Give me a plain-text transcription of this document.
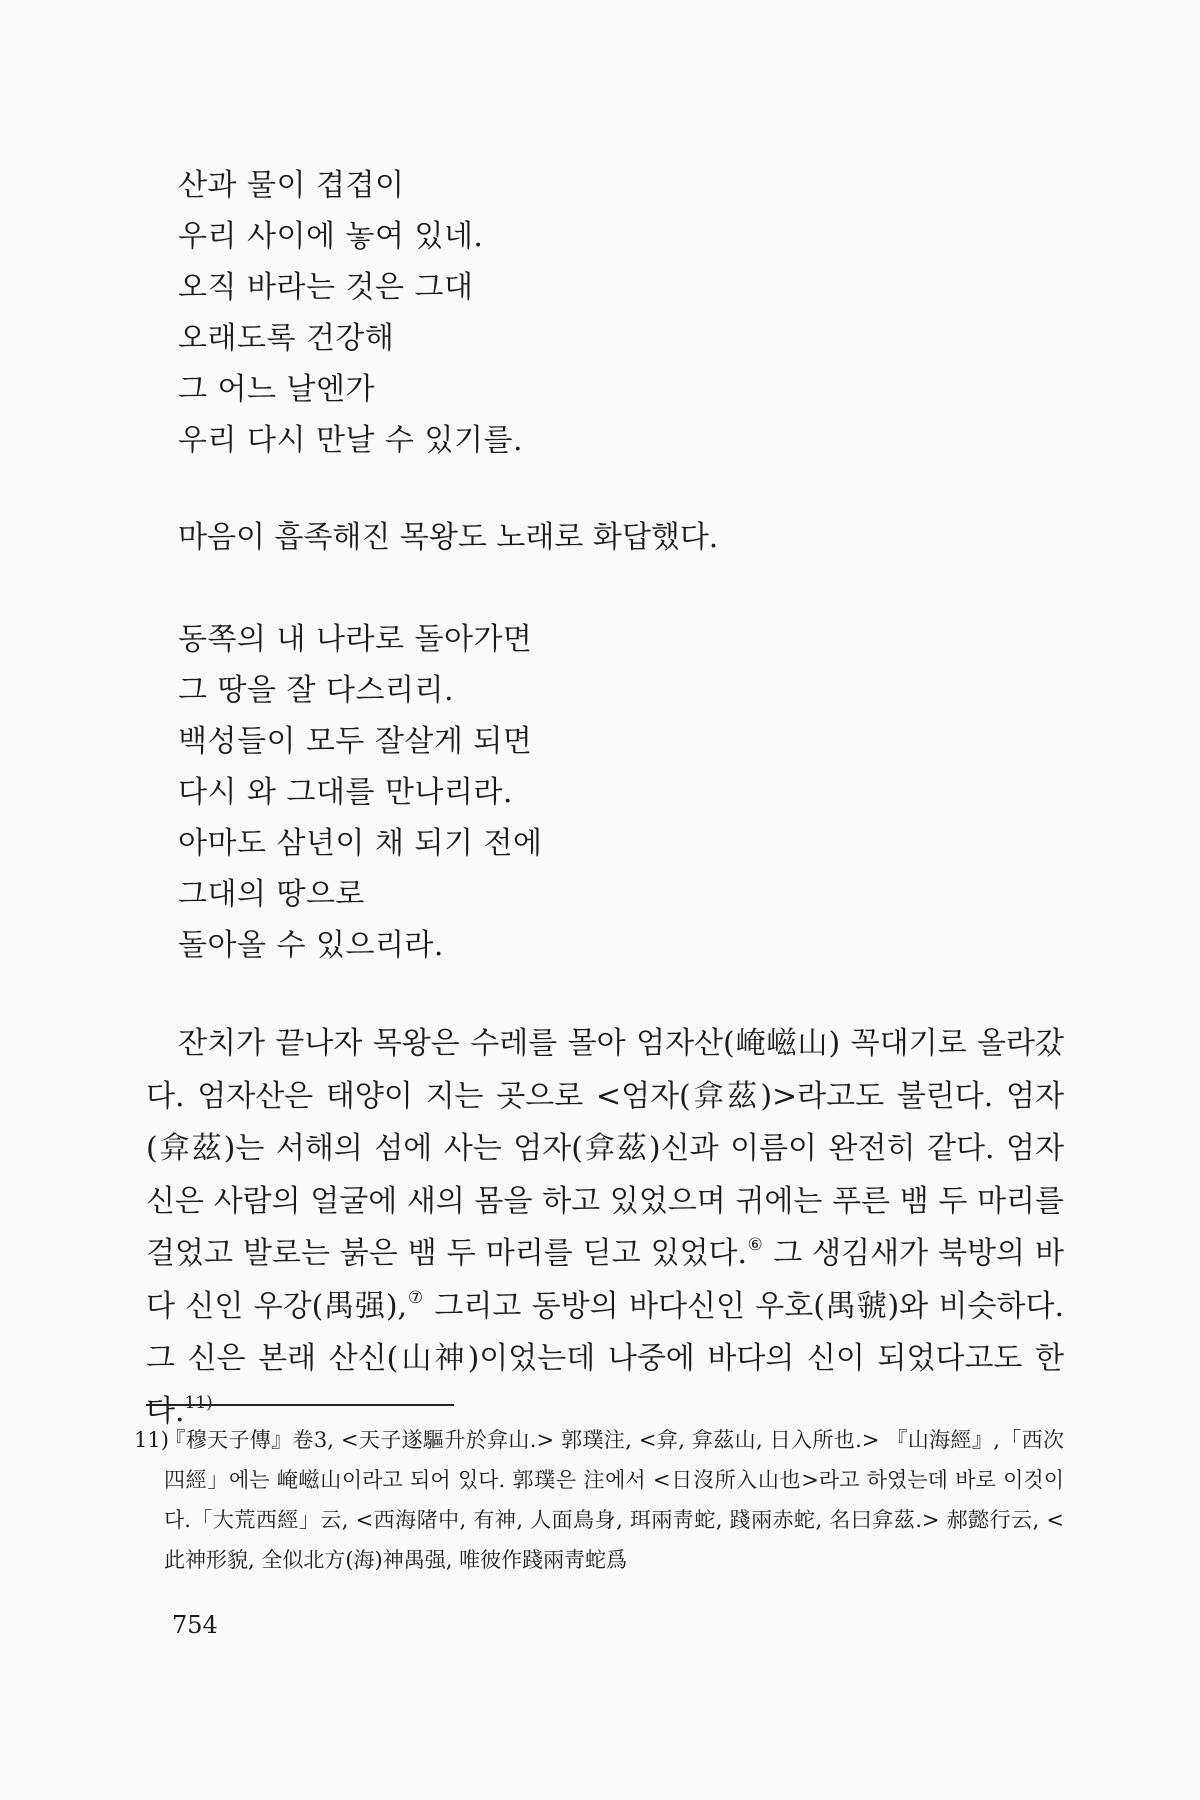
산과 물이 겹겹이
우리 사이에 놓여 있네.
오직 바라는 것은 그대
오래도록 건강해
그 어느 날엔가
우리 다시 만날 수 있기를.

마음이 흡족해진 목왕도 노래로 화답했다.

동쪽의 내 나라로 돌아가면
그 땅을 잘 다스리리.
백성들이 모두 잘살게 되면
다시 와 그대를 만나리라.
아마도 삼년이 채 되기 전에
그대의 땅으로
돌아올 수 있으리라.

잔치가 끝나자 목왕은 수레를 몰아 엄자산(崦嵫山) 꼭대기로 올라갔다. 엄자산은 태양이 지는 곳으로 <엄자(弇茲)>라고도 불린다. 엄자(弇茲)는 서해의 섬에 사는 엄자(弇茲)신과 이름이 완전히 같다. 엄자신은 사람의 얼굴에 새의 몸을 하고 있었으며 귀에는 푸른 뱀 두 마리를 걸었고 발로는 붉은 뱀 두 마리를 딛고 있었다.⑥ 그 생김새가 북방의 바다 신인 우강(禺强),⑦ 그리고 동방의 바다신인 우호(禺虢)와 비슷하다. 그 신은 본래 산신(山神)이었는데 나중에 바다의 신이 되었다고도 한다.$^{11)}$

11)『穆天子傳』卷3, <天子遂驅升於弇山.> 郭璞注, <弇, 弇茲山, 日入所也.> 『山海經』,「西次四經」에는 崦嵫山이라고 되어 있다. 郭璞은 注에서 <日沒所入山也>라고 하였는데 바로 이것이다.「大荒西經」云, <西海陼中, 有神, 人面鳥身, 珥兩靑蛇, 踐兩赤蛇, 名曰弇茲.> 郝懿行云, <此神形貌, 全似北方(海)神禺强, 唯彼作踐兩靑蛇爲

754
